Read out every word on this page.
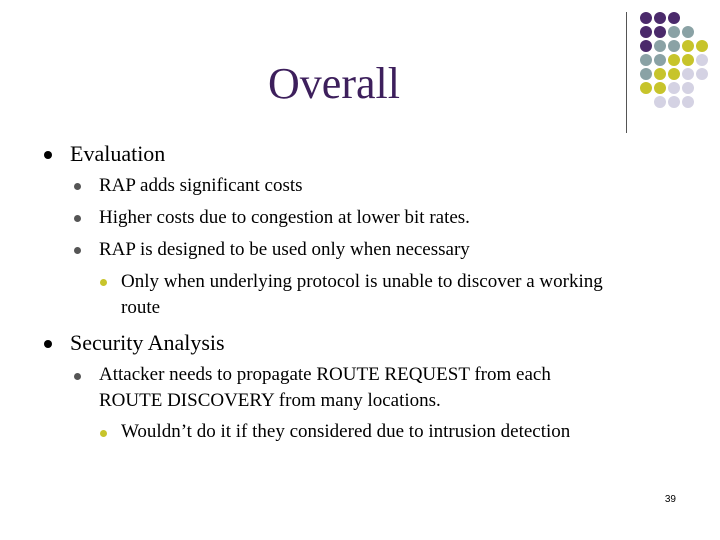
Overall
Evaluation
RAP adds significant costs
Higher costs due to congestion at lower bit rates.
RAP is designed to be used only when necessary
Only when underlying protocol is unable to discover a working
route
Security Analysis
Attacker needs to propagate ROUTE REQUEST from each
ROUTE DISCOVERY from many locations.
Wouldn’t do it if they considered due to intrusion detection
39
